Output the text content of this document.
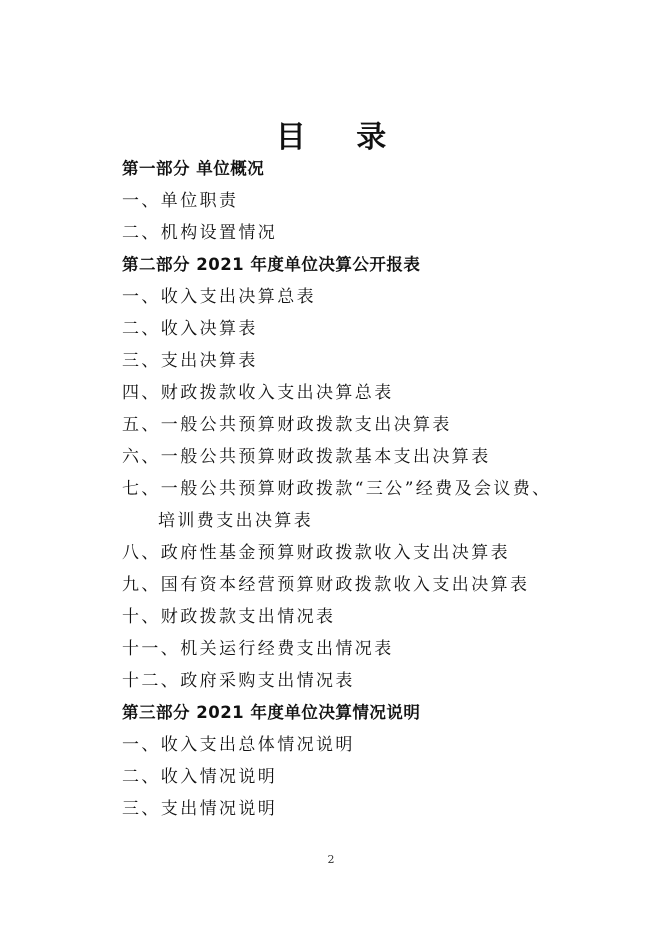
目 录
第一部分 单位概况
一、单位职责
二、机构设置情况
第二部分 2021 年度单位决算公开报表
一、收入支出决算总表
二、收入决算表
三、支出决算表
四、财政拨款收入支出决算总表
五、一般公共预算财政拨款支出决算表
六、一般公共预算财政拨款基本支出决算表
七、一般公共预算财政拨款“三公”经费及会议费、
培训费支出决算表
八、政府性基金预算财政拨款收入支出决算表
九、国有资本经营预算财政拨款收入支出决算表
十、财政拨款支出情况表
十一、机关运行经费支出情况表
十二、政府采购支出情况表
第三部分 2021 年度单位决算情况说明
一、收入支出总体情况说明
二、收入情况说明
三、支出情况说明
2
